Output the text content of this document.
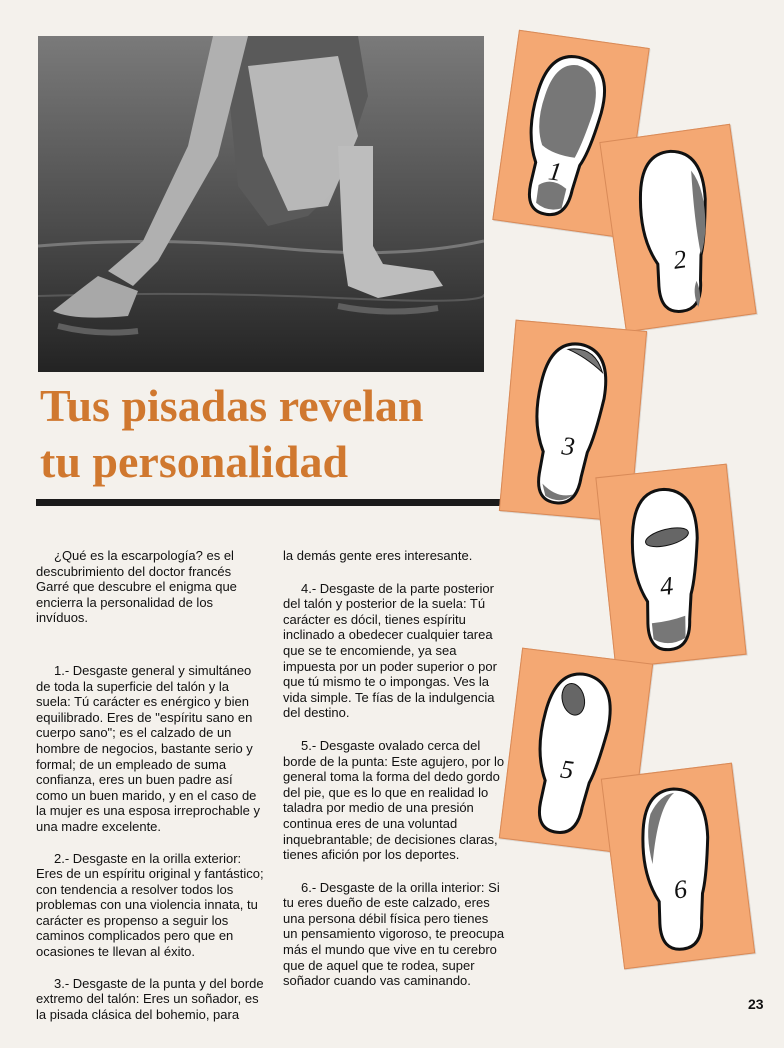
Tus pisadas revelan
tu personalidad

¿Qué es la escarpología? es el descubrimiento del doctor francés Garré que descubre el enigma que encierra la personalidad de los invíduos.

1.- Desgaste general y simultáneo de toda la superficie del talón y la suela: Tú carácter es enérgico y bien equilibrado. Eres de "espíritu sano en cuerpo sano"; es el calzado de un hombre de negocios, bastante serio y formal; de un empleado de suma confianza, eres un buen padre así como un buen marido, y en el caso de la mujer es una esposa irreprochable y una madre excelente.

2.- Desgaste en la orilla exterior: Eres de un espíritu original y fantástico; con tendencia a resolver todos los problemas con una violencia innata, tu carácter es propenso a seguir los caminos complicados pero que en ocasiones te llevan al éxito.

3.- Desgaste de la punta y del borde extremo del talón: Eres un soñador, es la pisada clásica del bohemio, para

la demás gente eres interesante.

4.- Desgaste de la parte posterior del talón y posterior de la suela: Tú carácter es dócil, tienes espíritu inclinado a obedecer cualquier tarea que se te encomiende, ya sea impuesta por un poder superior o por que tú mismo te o impongas. Ves la vida simple. Te fías de la indulgencia del destino.

5.- Desgaste ovalado cerca del borde de la punta: Este agujero, por lo general toma la forma del dedo gordo del pie, que es lo que en realidad lo taladra por medio de una presión continua eres de una voluntad inquebrantable; de decisiones claras, tienes afición por los deportes.

6.- Desgaste de la orilla interior: Si tu eres dueño de este calzado, eres una persona débil física pero tienes un pensamiento vigoroso, te preocupa más el mundo que vive en tu cerebro que de aquel que te rodea, super soñador cuando vas caminando.

1
2
3
4
5
6
23
